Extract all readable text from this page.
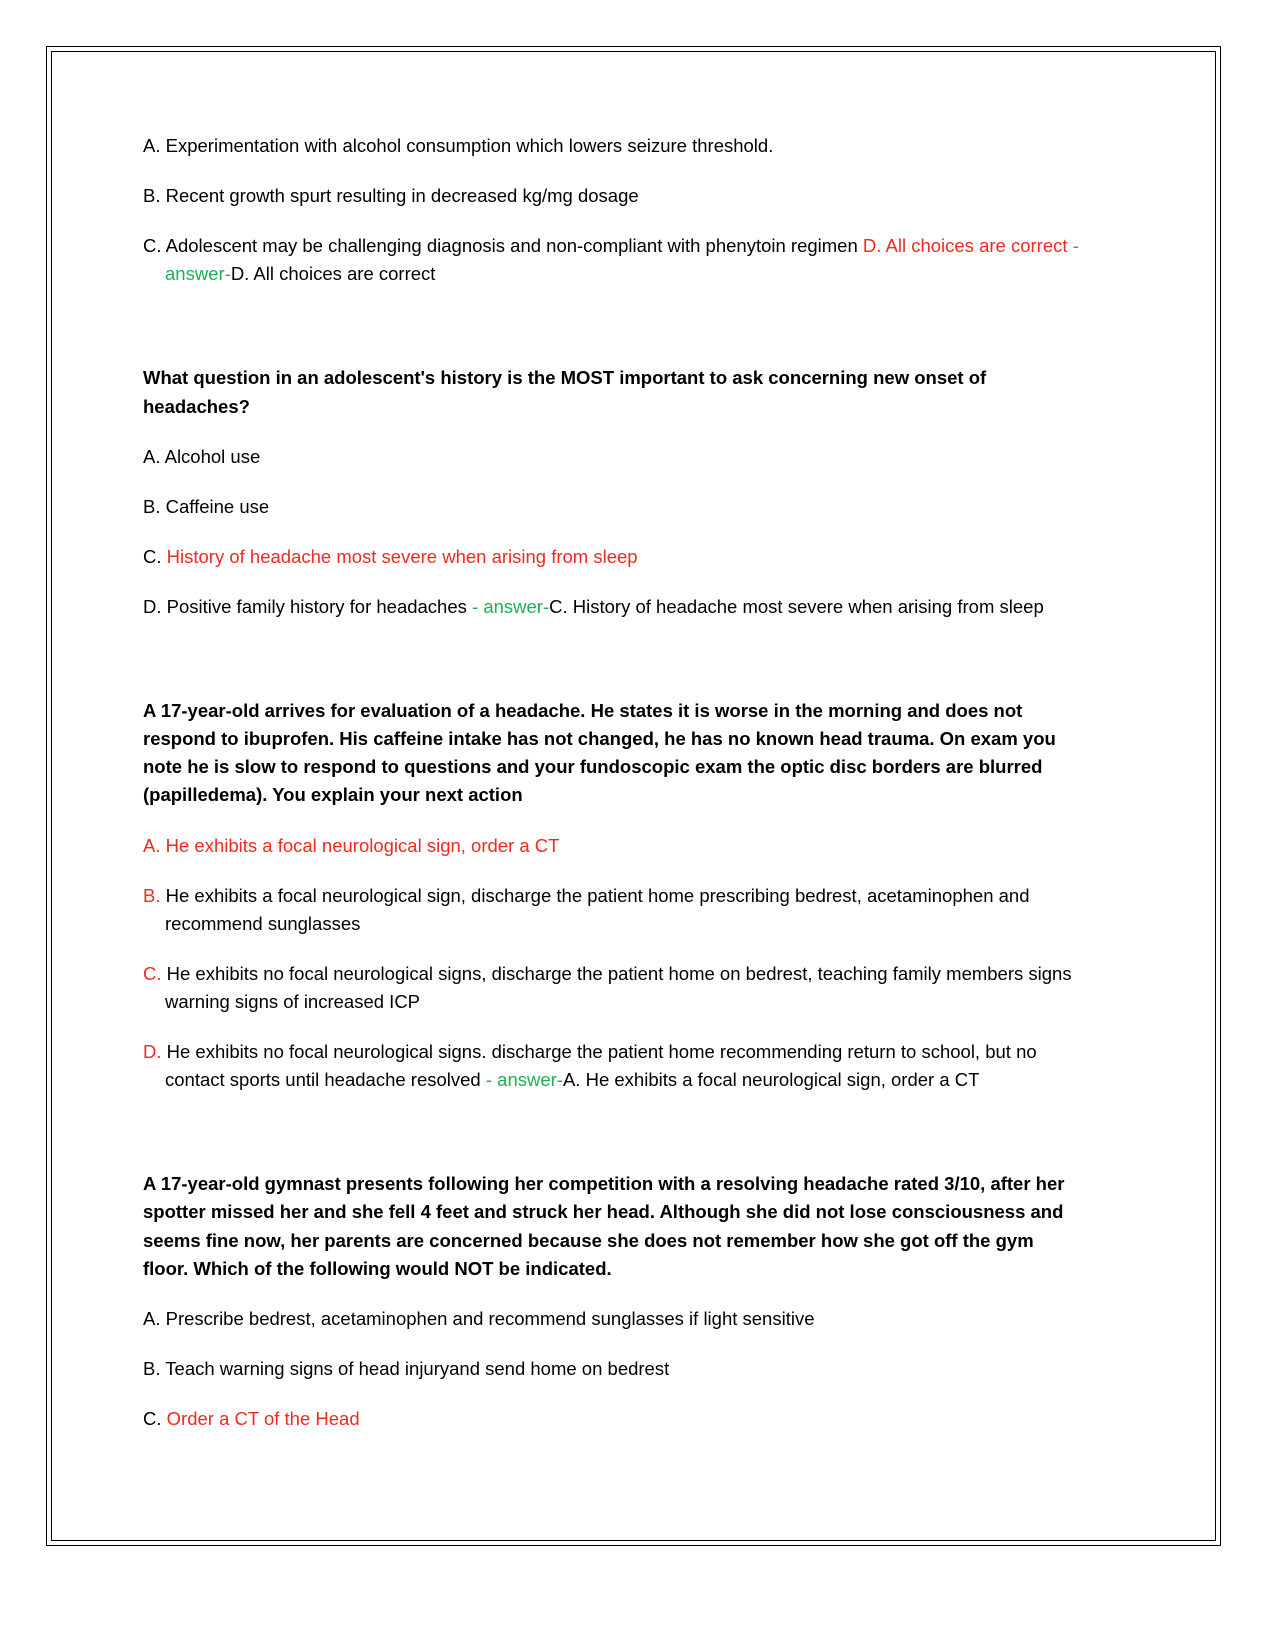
A. Experimentation with alcohol consumption which lowers seizure threshold.

B. Recent growth spurt resulting in decreased kg/mg dosage

C. Adolescent may be challenging diagnosis and non-compliant with phenytoin regimen D. All choices are correct - answer-D. All choices are correct

What question in an adolescent's history is the MOST important to ask concerning new onset of headaches?

A. Alcohol use

B. Caffeine use

C. History of headache most severe when arising from sleep

D. Positive family history for headaches - answer-C. History of headache most severe when arising from sleep

A 17-year-old arrives for evaluation of a headache. He states it is worse in the morning and does not respond to ibuprofen. His caffeine intake has not changed, he has no known head trauma. On exam you note he is slow to respond to questions and your fundoscopic exam the optic disc borders are blurred (papilledema). You explain your next action

A. He exhibits a focal neurological sign, order a CT

B. He exhibits a focal neurological sign, discharge the patient home prescribing bedrest, acetaminophen and recommend sunglasses

C. He exhibits no focal neurological signs, discharge the patient home on bedrest, teaching family members signs warning signs of increased ICP

D. He exhibits no focal neurological signs. discharge the patient home recommending return to school, but no contact sports until headache resolved - answer-A. He exhibits a focal neurological sign, order a CT

A 17-year-old gymnast presents following her competition with a resolving headache rated 3/10, after her spotter missed her and she fell 4 feet and struck her head. Although she did not lose consciousness and seems fine now, her parents are concerned because she does not remember how she got off the gym floor. Which of the following would NOT be indicated.

A. Prescribe bedrest, acetaminophen and recommend sunglasses if light sensitive

B. Teach warning signs of head injuryand send home on bedrest

C. Order a CT of the Head
